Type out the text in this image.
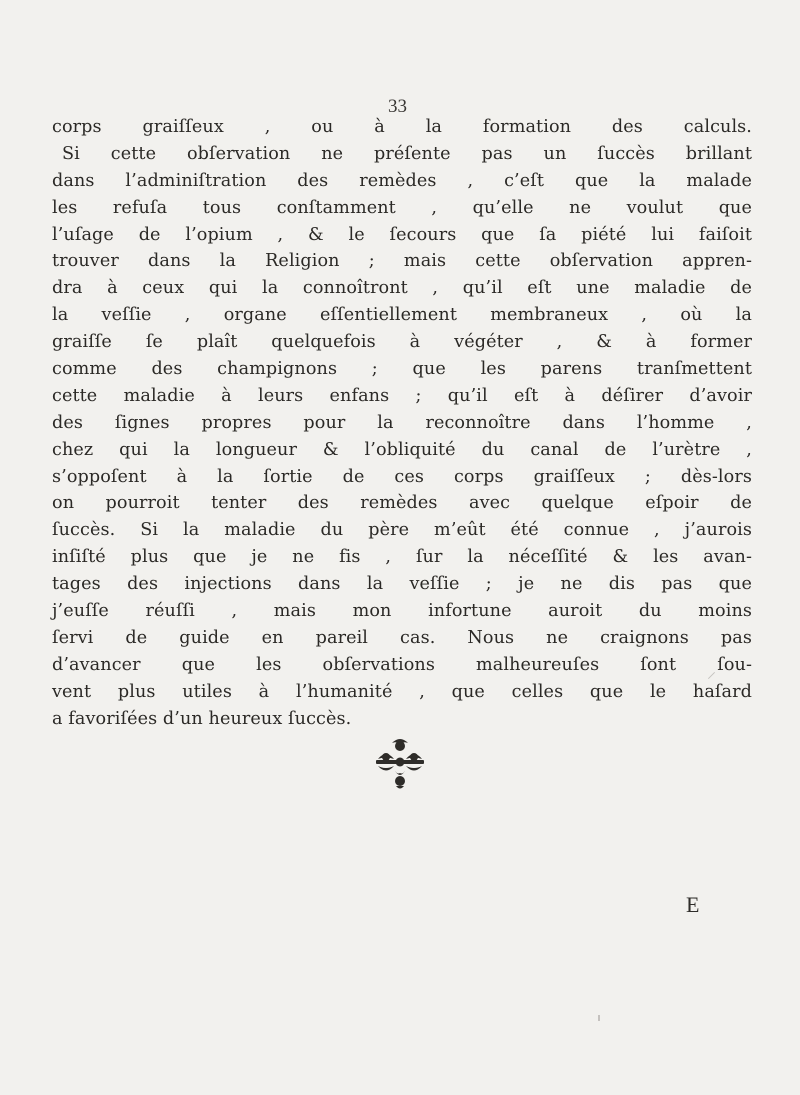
33
corps graiſſeux , ou à la formation des calculs.
Si cette obſervation ne préſente pas un ſuccès brillant
dans l’adminiſtration des remèdes , c’eſt que la malade
les refuſa tous conſtamment , qu’elle ne voulut que
l’uſage de l’opium , & le ſecours que ſa piété lui faiſoit
trouver dans la Religion ; mais cette obſervation appren-
dra à ceux qui la connoîtront , qu’il eſt une maladie de
la veſſie , organe eſſentiellement membraneux , où la
graiſſe ſe plaît quelquefois à végéter , & à former
comme des champignons ; que les parens tranſmettent
cette maladie à leurs enfans ; qu’il eſt à déſirer d’avoir
des ſignes propres pour la reconnoître dans l’homme ,
chez qui la longueur & l’obliquité du canal de l’urètre ,
s’oppoſent à la ſortie de ces corps graiſſeux ; dès-lors
on pourroit tenter des remèdes avec quelque eſpoir de
ſuccès. Si la maladie du père m’eût été connue , j’aurois
inſiſté plus que je ne fis , ſur la néceſſité & les avan-
tages des injections dans la veſſie ; je ne dis pas que
j’euſſe réuſſi , mais mon infortune auroit du moins
ſervi de guide en pareil cas. Nous ne craignons pas
d’avancer que les obſervations malheureuſes ſont ſou-
vent plus utiles à l’humanité , que celles que le haſard
a favoriſées d’un heureux ſuccès.
E
